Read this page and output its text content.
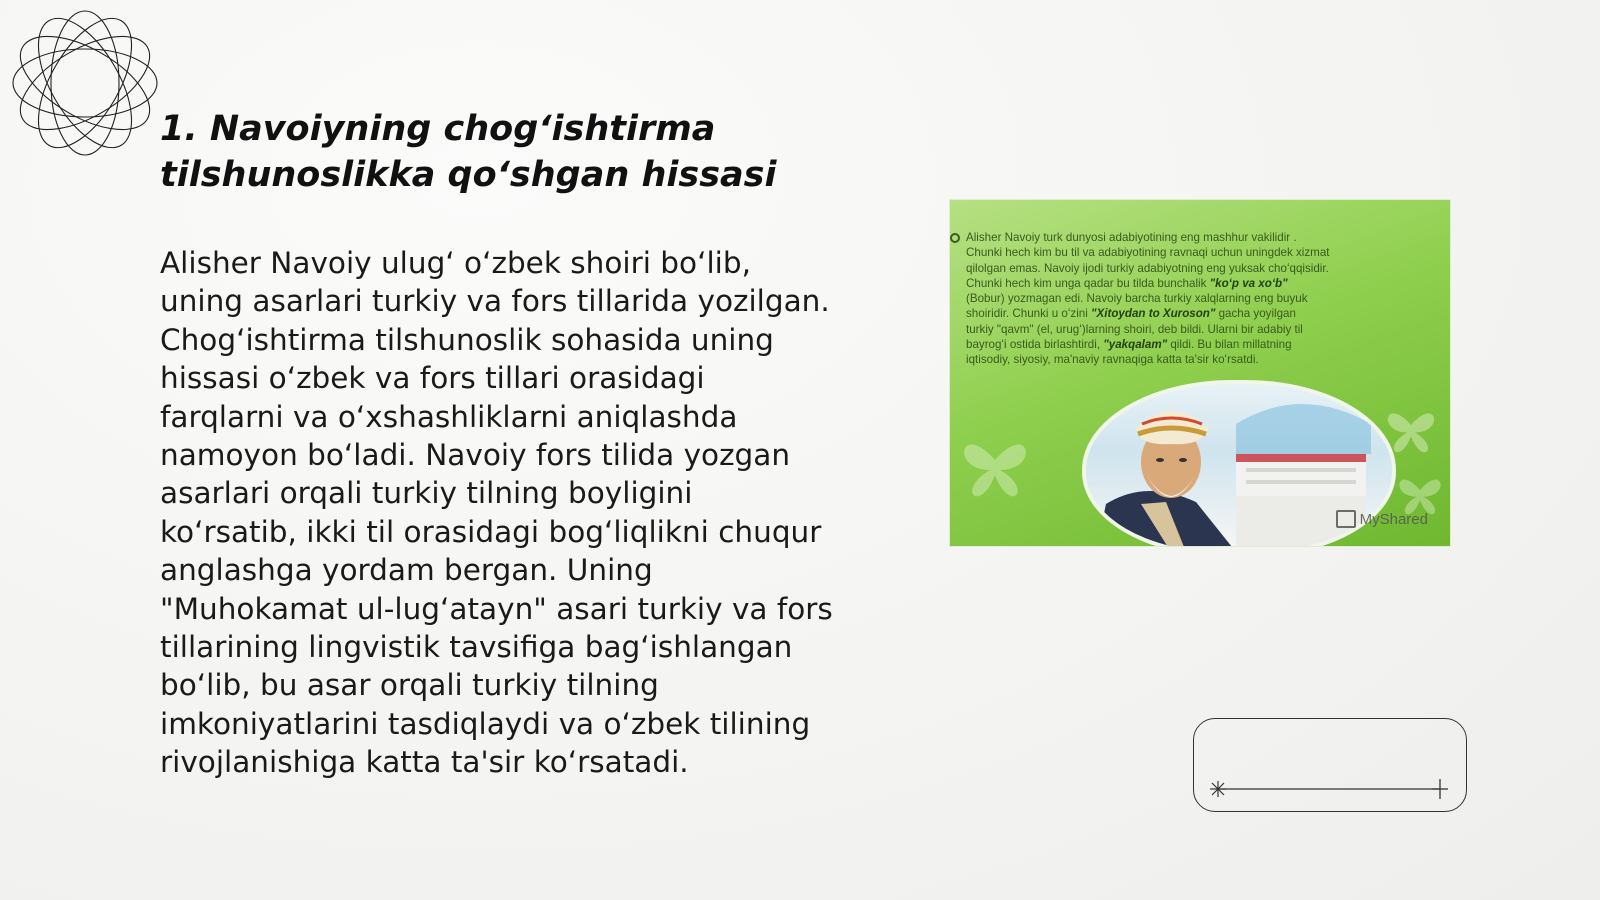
1. Navoiyning chogʻishtirma
tilshunoslikka qoʻshgan hissasi
Alisher Navoiy ulugʻ oʻzbek shoiri boʻlib,
uning asarlari turkiy va fors tillarida yozilgan.
Chogʻishtirma tilshunoslik sohasida uning
hissasi oʻzbek va fors tillari orasidagi
farqlarni va oʻxshashliklarni aniqlashda
namoyon boʻladi. Navoiy fors tilida yozgan
asarlari orqali turkiy tilning boyligini
koʻrsatib, ikki til orasidagi bogʻliqlikni chuqur
anglashga yordam bergan. Uning
"Muhokamat ul-lugʻatayn" asari turkiy va fors
tillarining lingvistik tavsifiga bagʻishlangan
boʻlib, bu asar orqali turkiy tilning
imkoniyatlarini tasdiqlaydi va oʻzbek tilining
rivojlanishiga katta ta'sir koʻrsatadi.
Alisher Navoiy turk dunyosi adabiyotining eng mashhur vakilidir .
Chunki hech kim bu til va adabiyotining ravnaqi uchun uningdek xizmat
qilolgan emas. Navoiy ijodi turkiy adabiyotning eng yuksak choʻqqisidir.
Chunki hech kim unga qadar bu tilda bunchalik "koʻp va xoʻb"
(Bobur) yozmagan edi. Navoiy barcha turkiy xalqlarning eng buyuk
shoiridir. Chunki u oʻzini "Xitoydan to Xuroson" gacha yoyilgan
turkiy "qavm" (el, urugʻ)larning shoiri, deb bildi. Ularni bir adabiy til
bayrogʻi ostida birlashtirdi, "yakqalam" qildi. Bu bilan millatning
iqtisodiy, siyosiy, ma'naviy ravnaqiga katta ta'sir koʻrsatdi.
MyShared
